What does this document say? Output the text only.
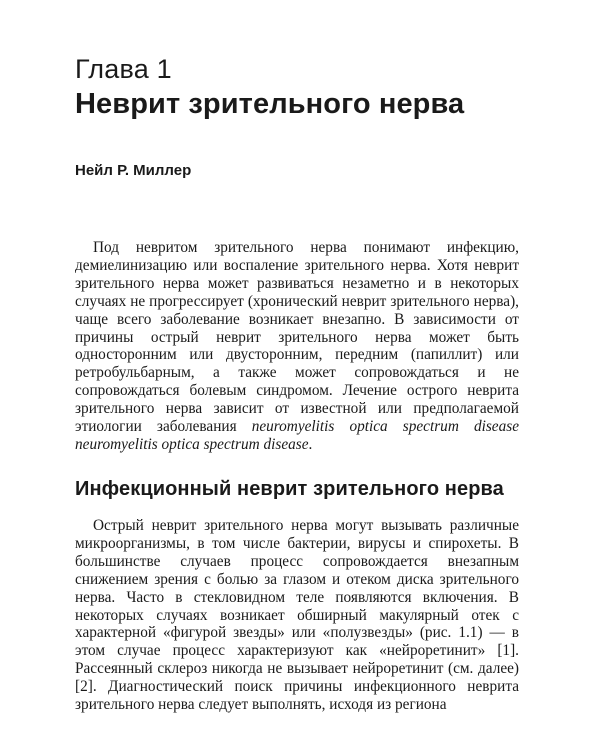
Глава 1
Неврит зрительного нерва
Нейл Р. Миллер

Под невритом зрительного нерва понимают инфекцию, демиелинизацию или воспаление зрительного нерва. Хотя неврит зрительного нерва может развиваться незаметно и в некоторых случаях не прогрессирует (хронический неврит зрительного нерва), чаще всего заболевание возникает внезапно. В зависимости от причины острый неврит зрительного нерва может быть односторонним или двусторонним, передним (папиллит) или ретробульбарным, а также может сопровождаться и не сопровождаться болевым синдромом. Лечение острого неврита зрительного нерва зависит от известной или предполагаемой этиологии заболевания neuromyelitis optica spectrum disease neuromyelitis optica spectrum disease.

Инфекционный неврит зрительного нерва

Острый неврит зрительного нерва могут вызывать различные микроорганизмы, в том числе бактерии, вирусы и спирохеты. В большинстве случаев процесс сопровождается внезапным снижением зрения с болью за глазом и отеком диска зрительного нерва. Часто в стекловидном теле появляются включения. В некоторых случаях возникает обширный макулярный отек с характерной «фигурой звезды» или «полузвезды» (рис. 1.1) — в этом случае процесс характеризуют как «нейроретинит» [1]. Рассеянный склероз никогда не вызывает нейроретинит (см. далее) [2]. Диагностический поиск причины инфекционного неврита зрительного нерва следует выполнять, исходя из региона
